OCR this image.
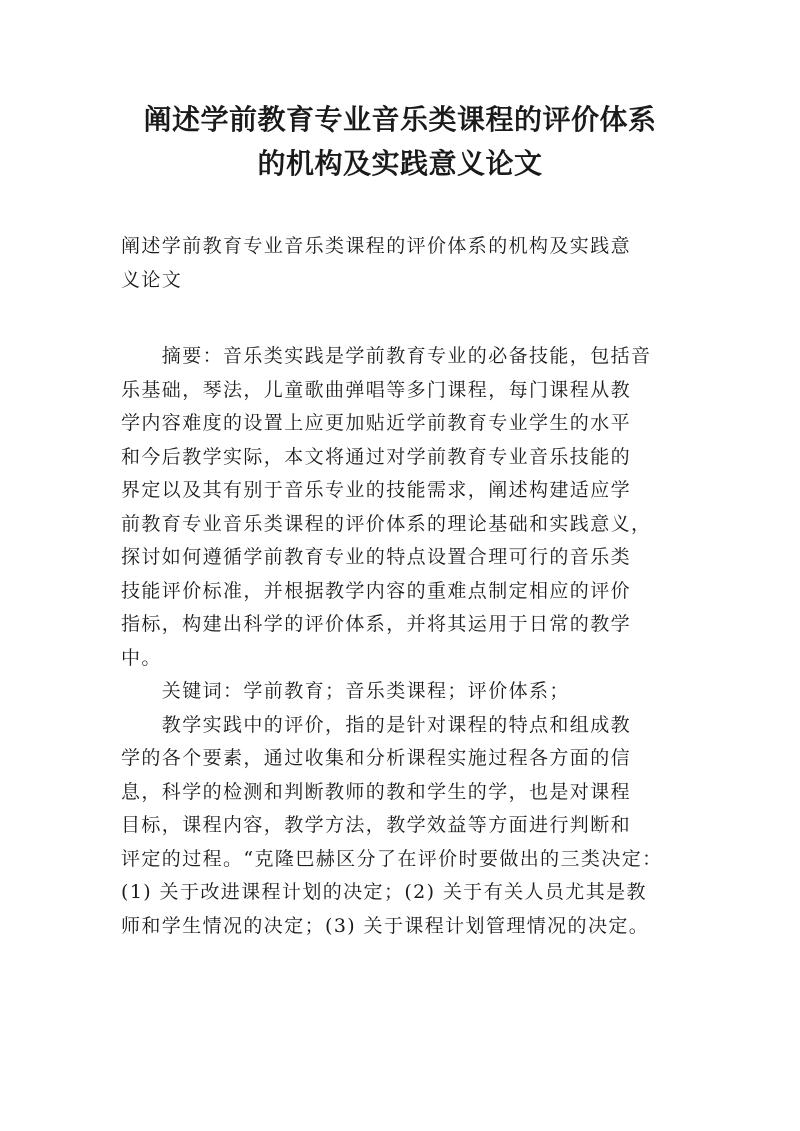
阐述学前教育专业音乐类课程的评价体系
的机构及实践意义论文
阐述学前教育专业音乐类课程的评价体系的机构及实践意
义论文
　　摘要：音乐类实践是学前教育专业的必备技能，包括音
乐基础，琴法，儿童歌曲弹唱等多门课程，每门课程从教
学内容难度的设置上应更加贴近学前教育专业学生的水平
和今后教学实际，本文将通过对学前教育专业音乐技能的
界定以及其有别于音乐专业的技能需求，阐述构建适应学
前教育专业音乐类课程的评价体系的理论基础和实践意义，
探讨如何遵循学前教育专业的特点设置合理可行的音乐类
技能评价标准，并根据教学内容的重难点制定相应的评价
指标，构建出科学的评价体系，并将其运用于日常的教学
中。
　　关键词：学前教育；音乐类课程；评价体系；
　　教学实践中的评价，指的是针对课程的特点和组成教
学的各个要素，通过收集和分析课程实施过程各方面的信
息，科学的检测和判断教师的教和学生的学，也是对课程
目标，课程内容，教学方法，教学效益等方面进行判断和
评定的过程。“克隆巴赫区分了在评价时要做出的三类决定：
(1) 关于改进课程计划的决定；(2) 关于有关人员尤其是教
师和学生情况的决定；(3) 关于课程计划管理情况的决定。
